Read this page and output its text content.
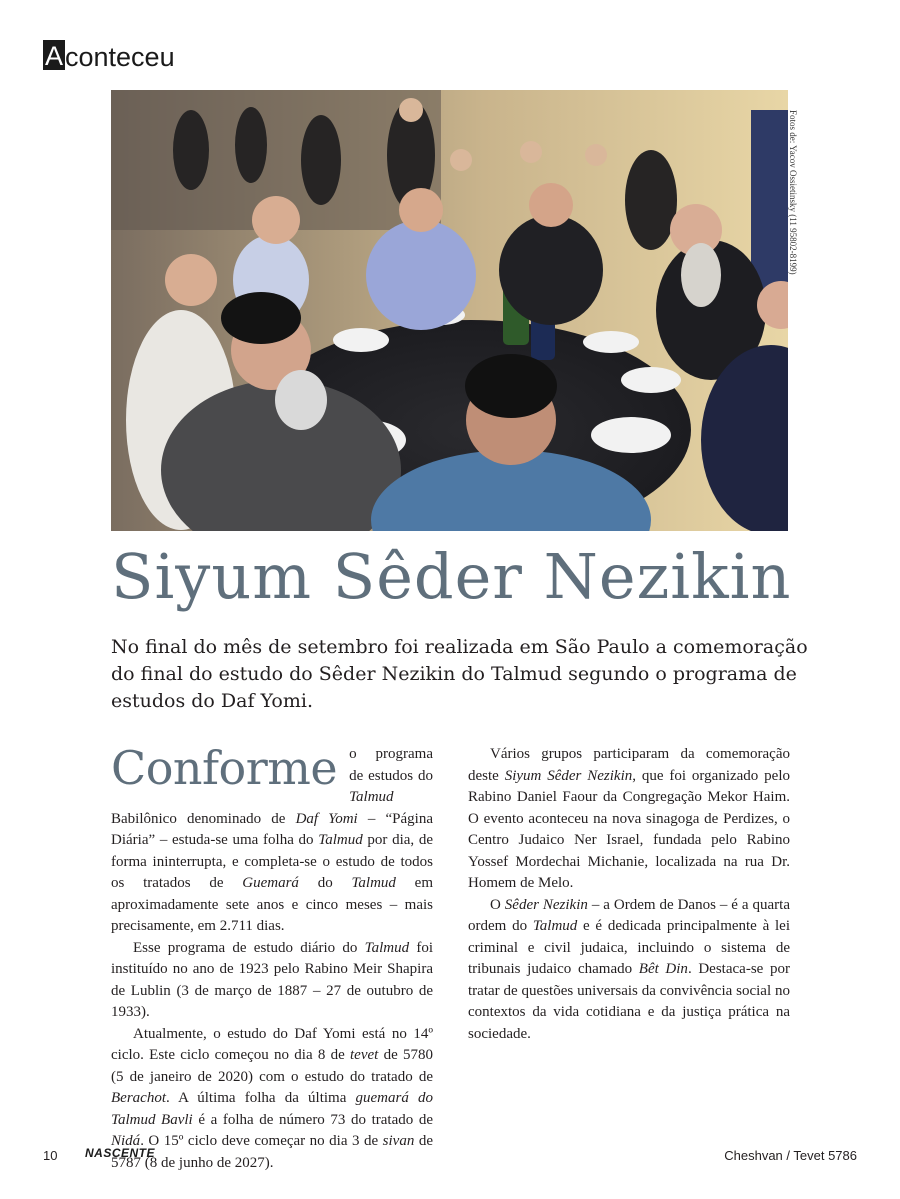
A conteceu
Fotos de: Yacov Ossietinsky (11 95802-8199)
Siyum Sêder Nezikin

No final do mês de setembro foi realizada em São Paulo a comemoração do final do estudo do Sêder Nezikin do Talmud segundo o programa de estudos do Daf Yomi.

Conforme o programa de estudos do Talmud Babilônico denominado de Daf Yomi – “Página Diária” – estuda-se uma folha do Talmud por dia, de forma ininterrupta, e completa-se o estudo de todos os tratados de Guemará do Talmud em aproximadamente sete anos e cinco meses – mais precisamente, em 2.711 dias.

Esse programa de estudo diário do Talmud foi instituído no ano de 1923 pelo Rabino Meir Shapira de Lublin (3 de março de 1887 – 27 de outubro de 1933).

Atualmente, o estudo do Daf Yomi está no 14º ciclo. Este ciclo começou no dia 8 de tevet de 5780 (5 de janeiro de 2020) com o estudo do tratado de Berachot. A última folha da última guemará do Talmud Bavli é a folha de número 73 do tratado de Nidá. O 15º ciclo deve começar no dia 3 de sivan de 5787 (8 de junho de 2027).

Vários grupos participaram da comemoração deste Siyum Sêder Nezikin, que foi organizado pelo Rabino Daniel Faour da Congregação Mekor Haim. O evento aconteceu na nova sinagoga de Perdizes, o Centro Judaico Ner Israel, fundada pelo Rabino Yossef Mordechai Michanie, localizada na rua Dr. Homem de Melo.

O Sêder Nezikin – a Ordem de Danos – é a quarta ordem do Talmud e é dedicada principalmente à lei criminal e civil judaica, incluindo o sistema de tribunais judaico chamado Bêt Din. Destaca-se por tratar de questões universais da convivência social no contextos da vida cotidiana e da justiça prática na sociedade.

10 NASCENTE	Cheshvan / Tevet 5786
